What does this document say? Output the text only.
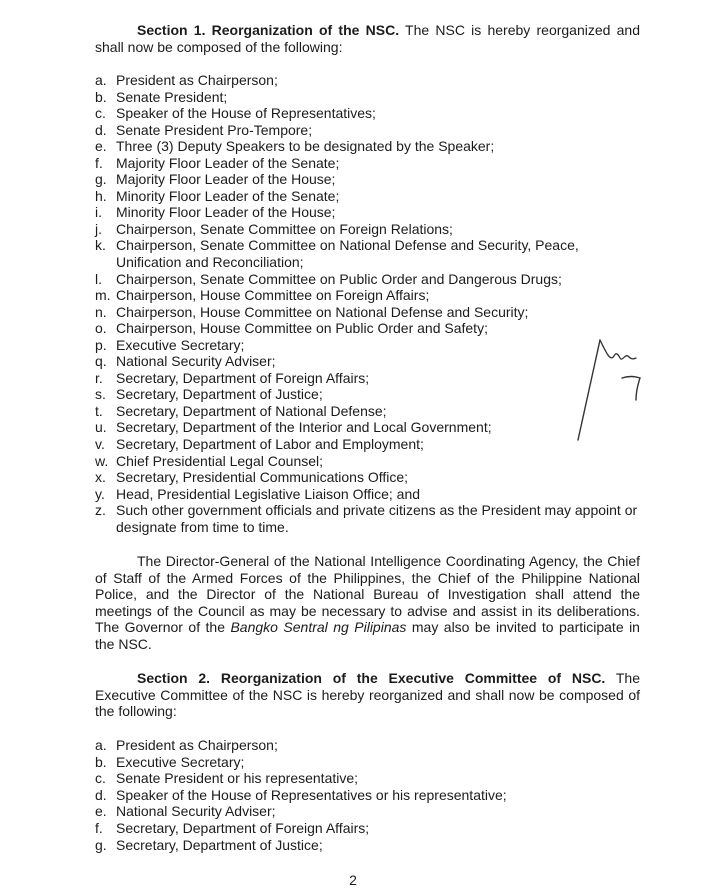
Section 1. Reorganization of the NSC. The NSC is hereby reorganized and shall now be composed of the following:

a. President as Chairperson;
b. Senate President;
c. Speaker of the House of Representatives;
d. Senate President Pro-Tempore;
e. Three (3) Deputy Speakers to be designated by the Speaker;
f. Majority Floor Leader of the Senate;
g. Majority Floor Leader of the House;
h. Minority Floor Leader of the Senate;
i. Minority Floor Leader of the House;
j. Chairperson, Senate Committee on Foreign Relations;
k. Chairperson, Senate Committee on National Defense and Security, Peace, Unification and Reconciliation;
l. Chairperson, Senate Committee on Public Order and Dangerous Drugs;
m. Chairperson, House Committee on Foreign Affairs;
n. Chairperson, House Committee on National Defense and Security;
o. Chairperson, House Committee on Public Order and Safety;
p. Executive Secretary;
q. National Security Adviser;
r. Secretary, Department of Foreign Affairs;
s. Secretary, Department of Justice;
t. Secretary, Department of National Defense;
u. Secretary, Department of the Interior and Local Government;
v. Secretary, Department of Labor and Employment;
w. Chief Presidential Legal Counsel;
x. Secretary, Presidential Communications Office;
y. Head, Presidential Legislative Liaison Office; and
z. Such other government officials and private citizens as the President may appoint or designate from time to time.

The Director-General of the National Intelligence Coordinating Agency, the Chief of Staff of the Armed Forces of the Philippines, the Chief of the Philippine National Police, and the Director of the National Bureau of Investigation shall attend the meetings of the Council as may be necessary to advise and assist in its deliberations. The Governor of the Bangko Sentral ng Pilipinas may also be invited to participate in the NSC.

Section 2. Reorganization of the Executive Committee of NSC. The Executive Committee of the NSC is hereby reorganized and shall now be composed of the following:

a. President as Chairperson;
b. Executive Secretary;
c. Senate President or his representative;
d. Speaker of the House of Representatives or his representative;
e. National Security Adviser;
f. Secretary, Department of Foreign Affairs;
g. Secretary, Department of Justice;
2
